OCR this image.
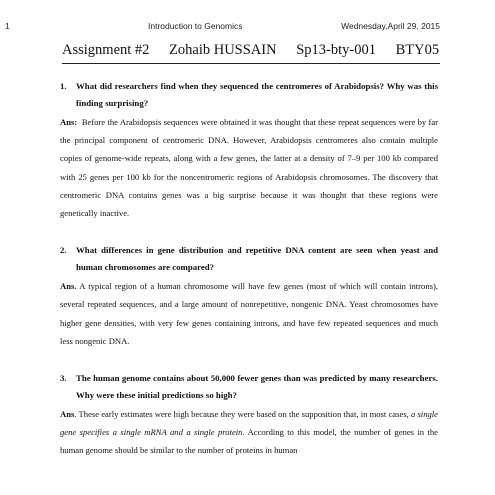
1	Introduction to Genomics	Wednesday,April 29, 2015
Assignment #2 Zohaib HUSSAIN Sp13-bty-001 BTY05
1. What did researchers find when they sequenced the centromeres of Arabidopsis? Why was this finding surprising?
Ans: Before the Arabidopsis sequences were obtained it was thought that these repeat sequences were by far the principal component of centromeric DNA. However, Arabidopsis centromeres also contain multiple copies of genome-wide repeats, along with a few genes, the latter at a density of 7–9 per 100 kb compared with 25 genes per 100 kb for the noncentromeric regions of Arabidopsis chromosomes. The discovery that centromeric DNA contains genes was a big surprise because it was thought that these regions were genetically inactive.
2. What differences in gene distribution and repetitive DNA content are seen when yeast and human chromosomes are compared?
Ans. A typical region of a human chromosome will have few genes (most of which will contain introns), several repeated sequences, and a large amount of nonrepetitive, nongenic DNA. Yeast chromosomes have higher gene densities, with very few genes containing introns, and have few repeated sequences and much less nongenic DNA.
3. The human genome contains about 50,000 fewer genes than was predicted by many researchers. Why were these initial predictions so high?
Ans. These early estimates were high because they were based on the supposition that, in most cases, a single gene specifies a single mRNA and a single protein. According to this model, the number of genes in the human genome should be similar to the number of proteins in human
